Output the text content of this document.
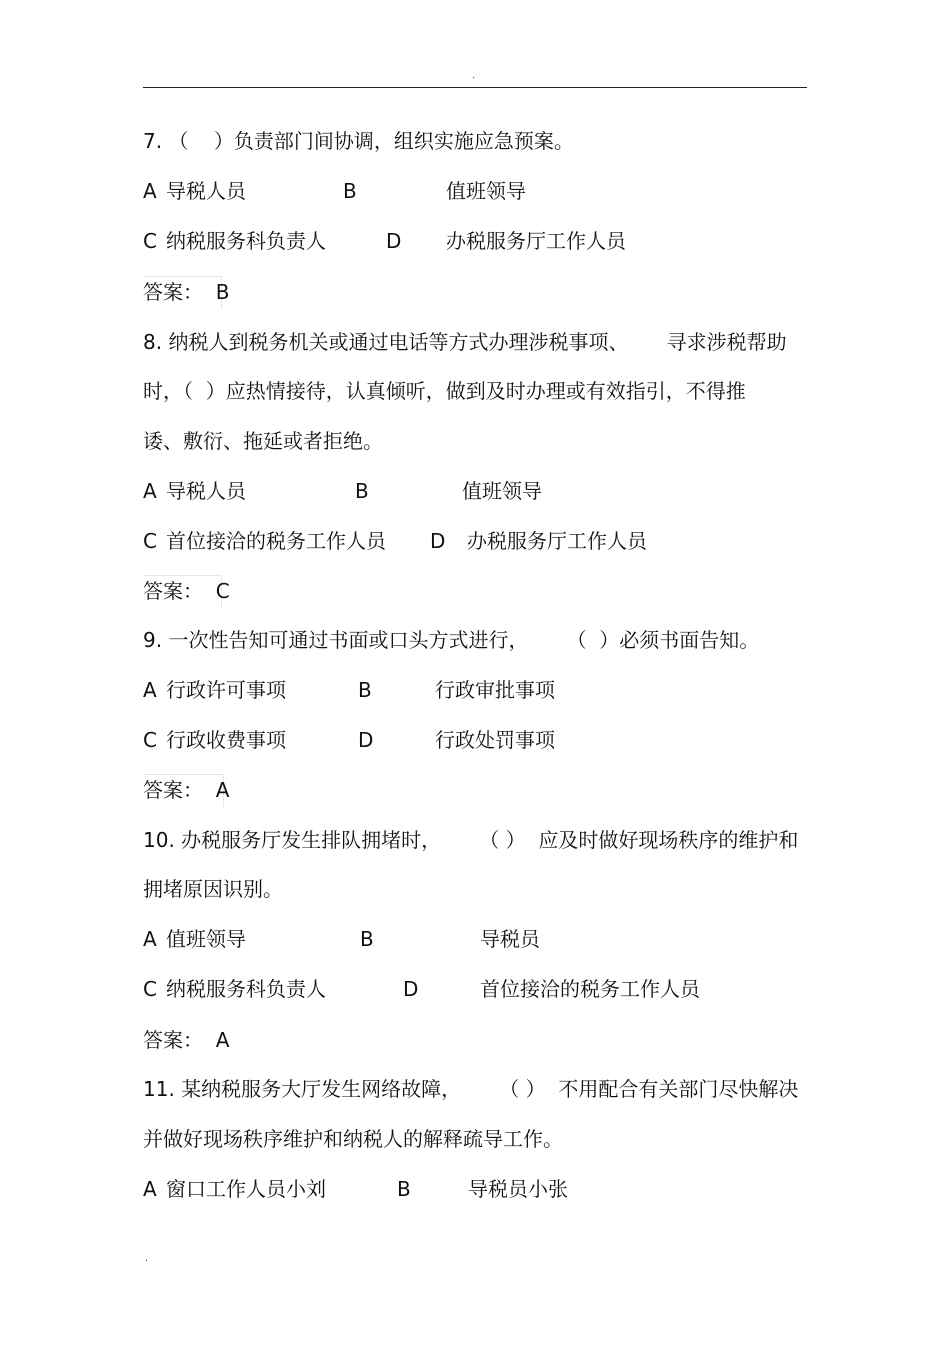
.
7. （    ）负责部门间协调，组织实施应急预案。
A 导税人员	B	值班领导
C 纳税服务科负责人	D 办税服务厅工作人员
答案：  B
8. 纳税人到税务机关或通过电话等方式办理涉税事项、      寻求涉税帮助
时，（  ）应热情接待，认真倾听，做到及时办理或有效指引，不得推
诿、敷衍、拖延或者拒绝。
A 导税人员	B	值班领导
C 首位接洽的税务工作人员 D 办税服务厅工作人员
答案：  C
9. 一次性告知可通过书面或口头方式进行，      （  ）必须书面告知。
A 行政许可事项	B	行政审批事项
C 行政收费事项	D	行政处罚事项
答案：  A
10. 办税服务厅发生排队拥堵时，      （ ）  应及时做好现场秩序的维护和
拥堵原因识别。
A 值班领导	B	导税员
C 纳税服务科负责人	D	首位接洽的税务工作人员
答案：  A
11. 某纳税服务大厅发生网络故障，      （ ）  不用配合有关部门尽快解决
并做好现场秩序维护和纳税人的解释疏导工作。
A 窗口工作人员小刘	B	导税员小张
.
